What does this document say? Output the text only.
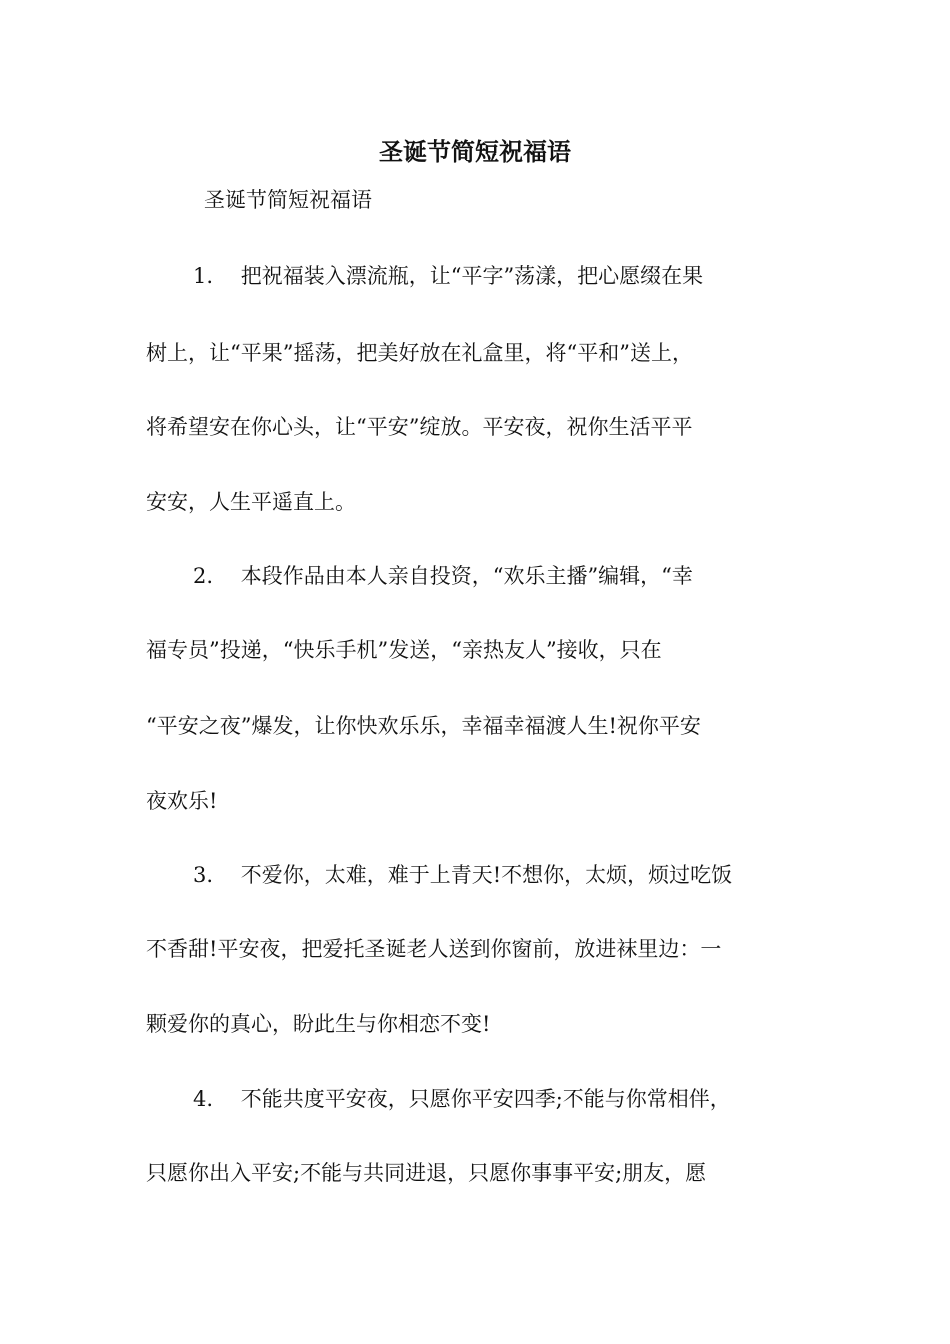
圣诞节简短祝福语

圣诞节简短祝福语

1.　 把祝福装入漂流瓶，让“平字”荡漾，把心愿缀在果

树上，让“平果”摇荡，把美好放在礼盒里，将“平和”送上，

将希望安在你心头，让“平安”绽放。平安夜，祝你生活平平

安安，人生平遥直上。

2.　 本段作品由本人亲自投资，“欢乐主播”编辑，“幸

福专员”投递，“快乐手机”发送，“亲热友人”接收，只在

“平安之夜”爆发，让你快欢乐乐，幸福幸福渡人生!祝你平安

夜欢乐!

3.　 不爱你，太难，难于上青天!不想你，太烦，烦过吃饭

不香甜!平安夜，把爱托圣诞老人送到你窗前，放进袜里边：一

颗爱你的真心，盼此生与你相恋不变!

4.　 不能共度平安夜，只愿你平安四季;不能与你常相伴，

只愿你出入平安;不能与共同进退，只愿你事事平安;朋友，愿
